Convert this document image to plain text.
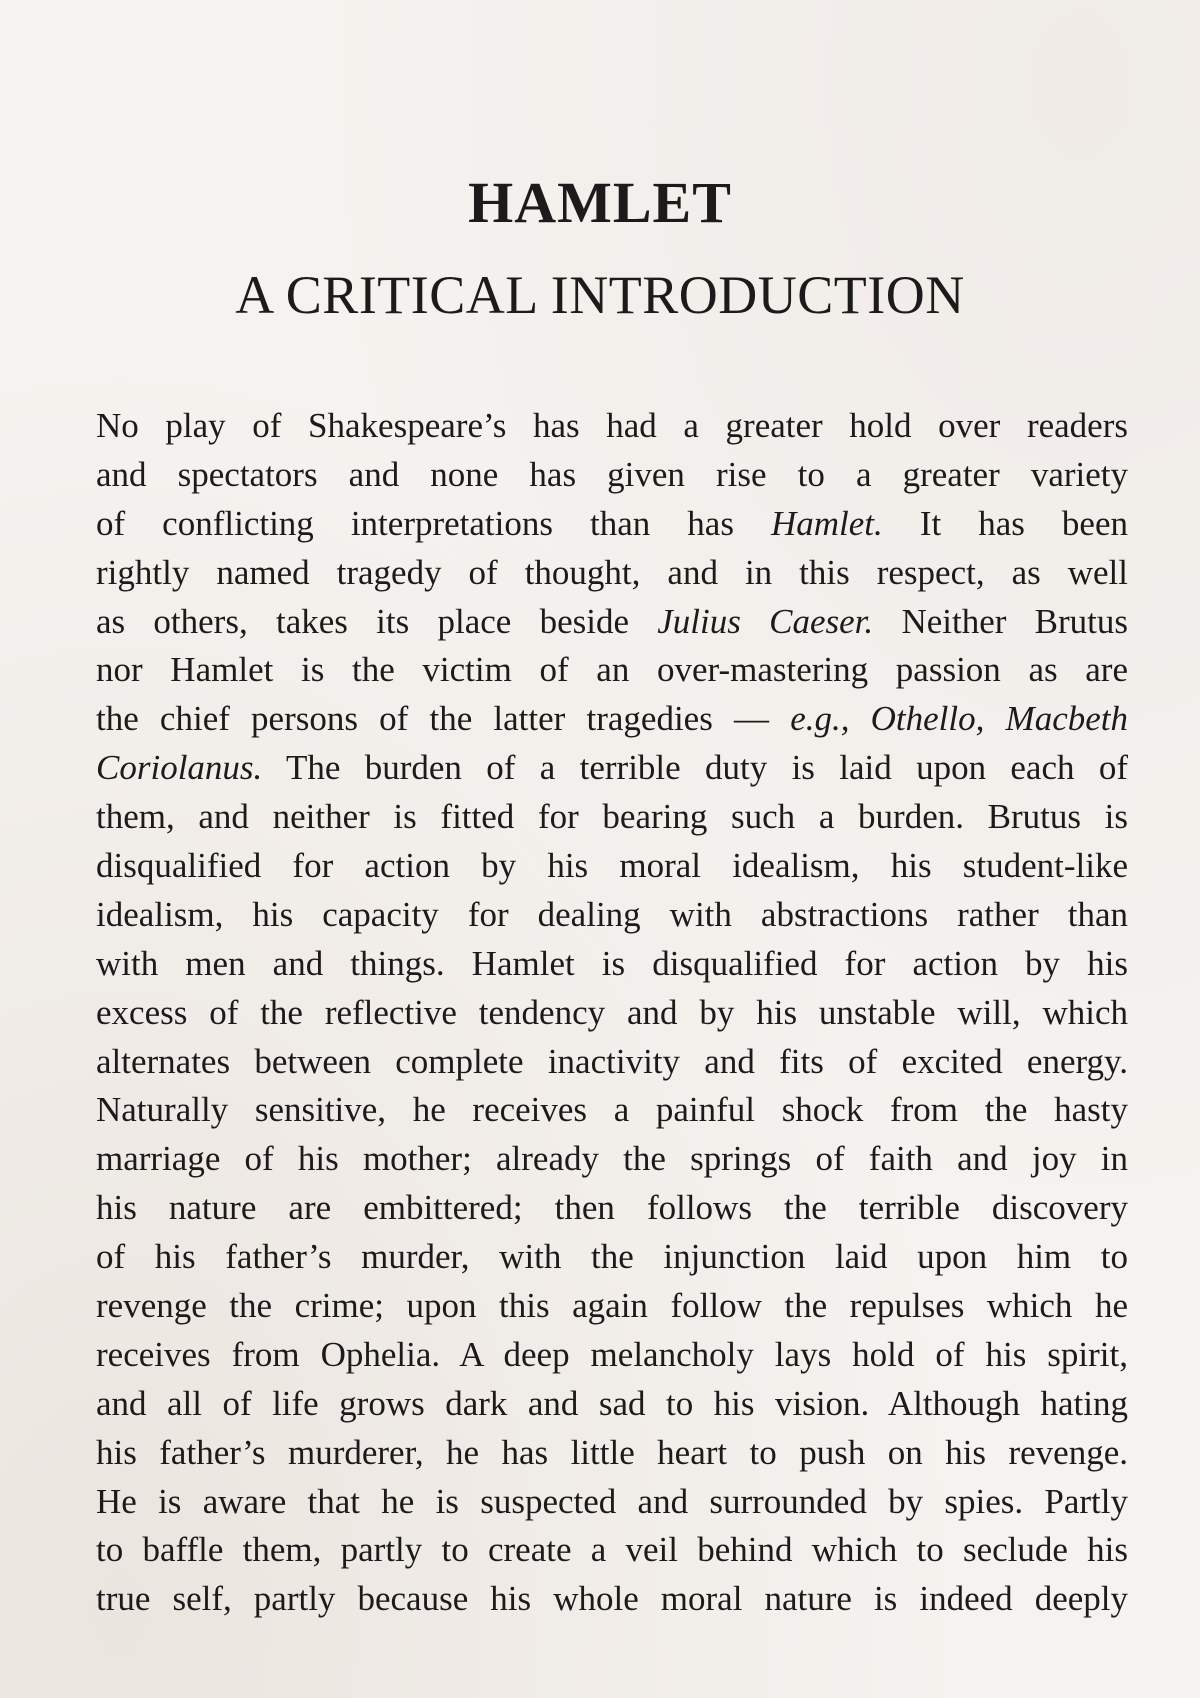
HAMLET
A CRITICAL INTRODUCTION
No play of Shakespeare’s has had a greater hold over readers
and spectators and none has given rise to a greater variety
of conflicting interpretations than has Hamlet. It has been
rightly named tragedy of thought, and in this respect, as well
as others, takes its place beside Julius Caeser. Neither Brutus
nor Hamlet is the victim of an over-mastering passion as are
the chief persons of the latter tragedies — e.g., Othello, Macbeth
Coriolanus. The burden of a terrible duty is laid upon each of
them, and neither is fitted for bearing such a burden. Brutus is
disqualified for action by his moral idealism, his student-like
idealism, his capacity for dealing with abstractions rather than
with men and things. Hamlet is disqualified for action by his
excess of the reflective tendency and by his unstable will, which
alternates between complete inactivity and fits of excited energy.
Naturally sensitive, he receives a painful shock from the hasty
marriage of his mother; already the springs of faith and joy in
his nature are embittered; then follows the terrible discovery
of his father’s murder, with the injunction laid upon him to
revenge the crime; upon this again follow the repulses which he
receives from Ophelia. A deep melancholy lays hold of his spirit,
and all of life grows dark and sad to his vision. Although hating
his father’s murderer, he has little heart to push on his revenge.
He is aware that he is suspected and surrounded by spies. Partly
to baffle them, partly to create a veil behind which to seclude his
true self, partly because his whole moral nature is indeed deeply
